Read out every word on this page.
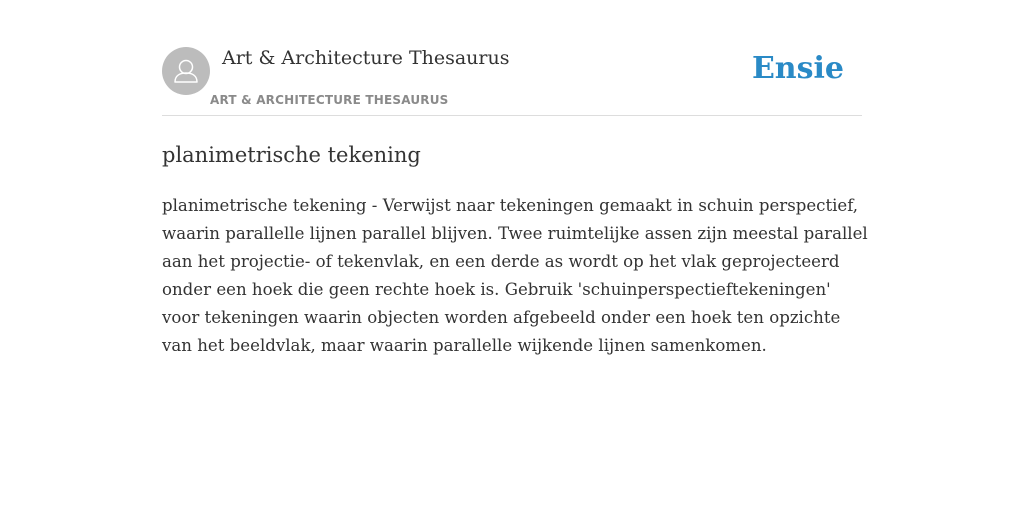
Art & Architecture Thesaurus
ART & ARCHITECTURE THESAURUS
Ensie
planimetrische tekening

planimetrische tekening - Verwijst naar tekeningen gemaakt in schuin perspectief, waarin parallelle lijnen parallel blijven. Twee ruimtelijke assen zijn meestal parallel aan het projectie- of tekenvlak, en een derde as wordt op het vlak geprojecteerd onder een hoek die geen rechte hoek is. Gebruik 'schuinperspectieftekeningen' voor tekeningen waarin objecten worden afgebeeld onder een hoek ten opzichte van het beeldvlak, maar waarin parallelle wijkende lijnen samenkomen.
